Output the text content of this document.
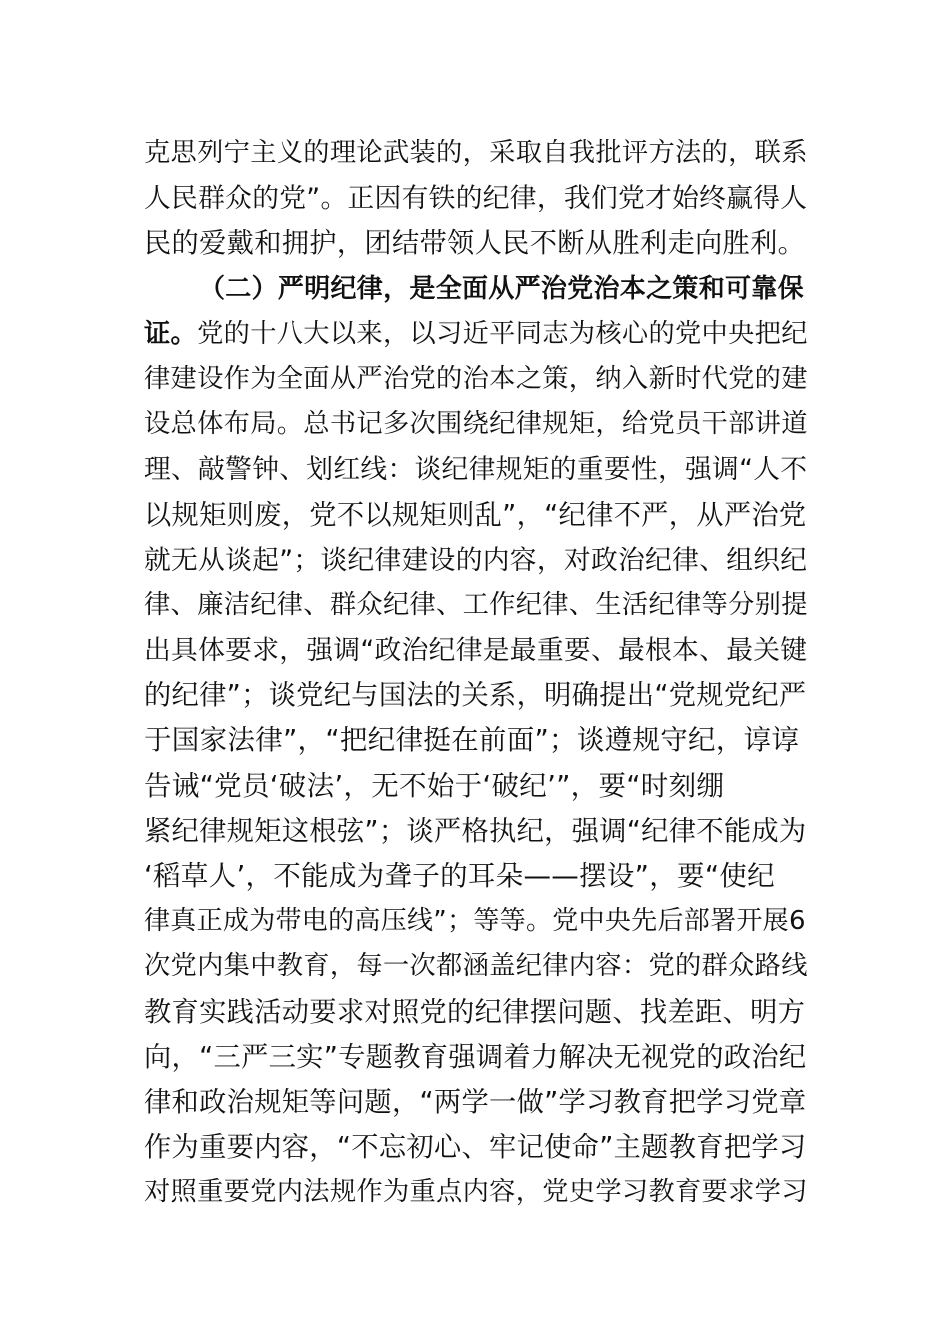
克思列宁主义的理论武装的，采取自我批评方法的，联系
人民群众的党”。正因有铁的纪律，我们党才始终赢得人
民的爱戴和拥护，团结带领人民不断从胜利走向胜利。
（二）严明纪律，是全面从严治党治本之策和可靠保
证。党的十八大以来，以习近平同志为核心的党中央把纪
律建设作为全面从严治党的治本之策，纳入新时代党的建
设总体布局。总书记多次围绕纪律规矩，给党员干部讲道
理、敲警钟、划红线：谈纪律规矩的重要性，强调“人不
以规矩则废，党不以规矩则乱”，“纪律不严，从严治党
就无从谈起”；谈纪律建设的内容，对政治纪律、组织纪
律、廉洁纪律、群众纪律、工作纪律、生活纪律等分别提
出具体要求，强调“政治纪律是最重要、最根本、最关键
的纪律”；谈党纪与国法的关系，明确提出“党规党纪严
于国家法律”，“把纪律挺在前面”；谈遵规守纪，谆谆
告诫“党员‘破法’，无不始于‘破纪’”，要“时刻绷
紧纪律规矩这根弦”；谈严格执纪，强调“纪律不能成为
‘稻草人’，不能成为聋子的耳朵——摆设”，要“使纪
律真正成为带电的高压线”；等等。党中央先后部署开展6
次党内集中教育，每一次都涵盖纪律内容：党的群众路线
教育实践活动要求对照党的纪律摆问题、找差距、明方
向，“三严三实”专题教育强调着力解决无视党的政治纪
律和政治规矩等问题，“两学一做”学习教育把学习党章
作为重要内容，“不忘初心、牢记使命”主题教育把学习
对照重要党内法规作为重点内容，党史学习教育要求学习
